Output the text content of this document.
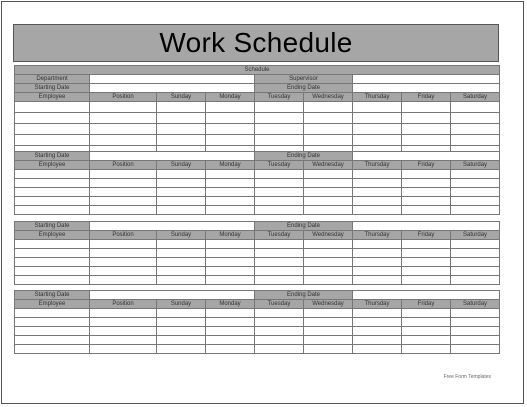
Work Schedule
Schedule								
Department				Supervisor				
Starting Date				Ending Date				
Employee	Position	Sunday	Monday	Tuesday	Wednesday	Thursday	Friday	Saturday

Starting Date				Ending Date				
Employee	Position	Sunday	Monday	Tuesday	Wednesday	Thursday	Friday	Saturday

Starting Date				Ending Date				
Employee	Position	Sunday	Monday	Tuesday	Wednesday	Thursday	Friday	Saturday

Starting Date				Ending Date				
Employee	Position	Sunday	Monday	Tuesday	Wednesday	Thursday	Friday	Saturday

Free Form Templates
